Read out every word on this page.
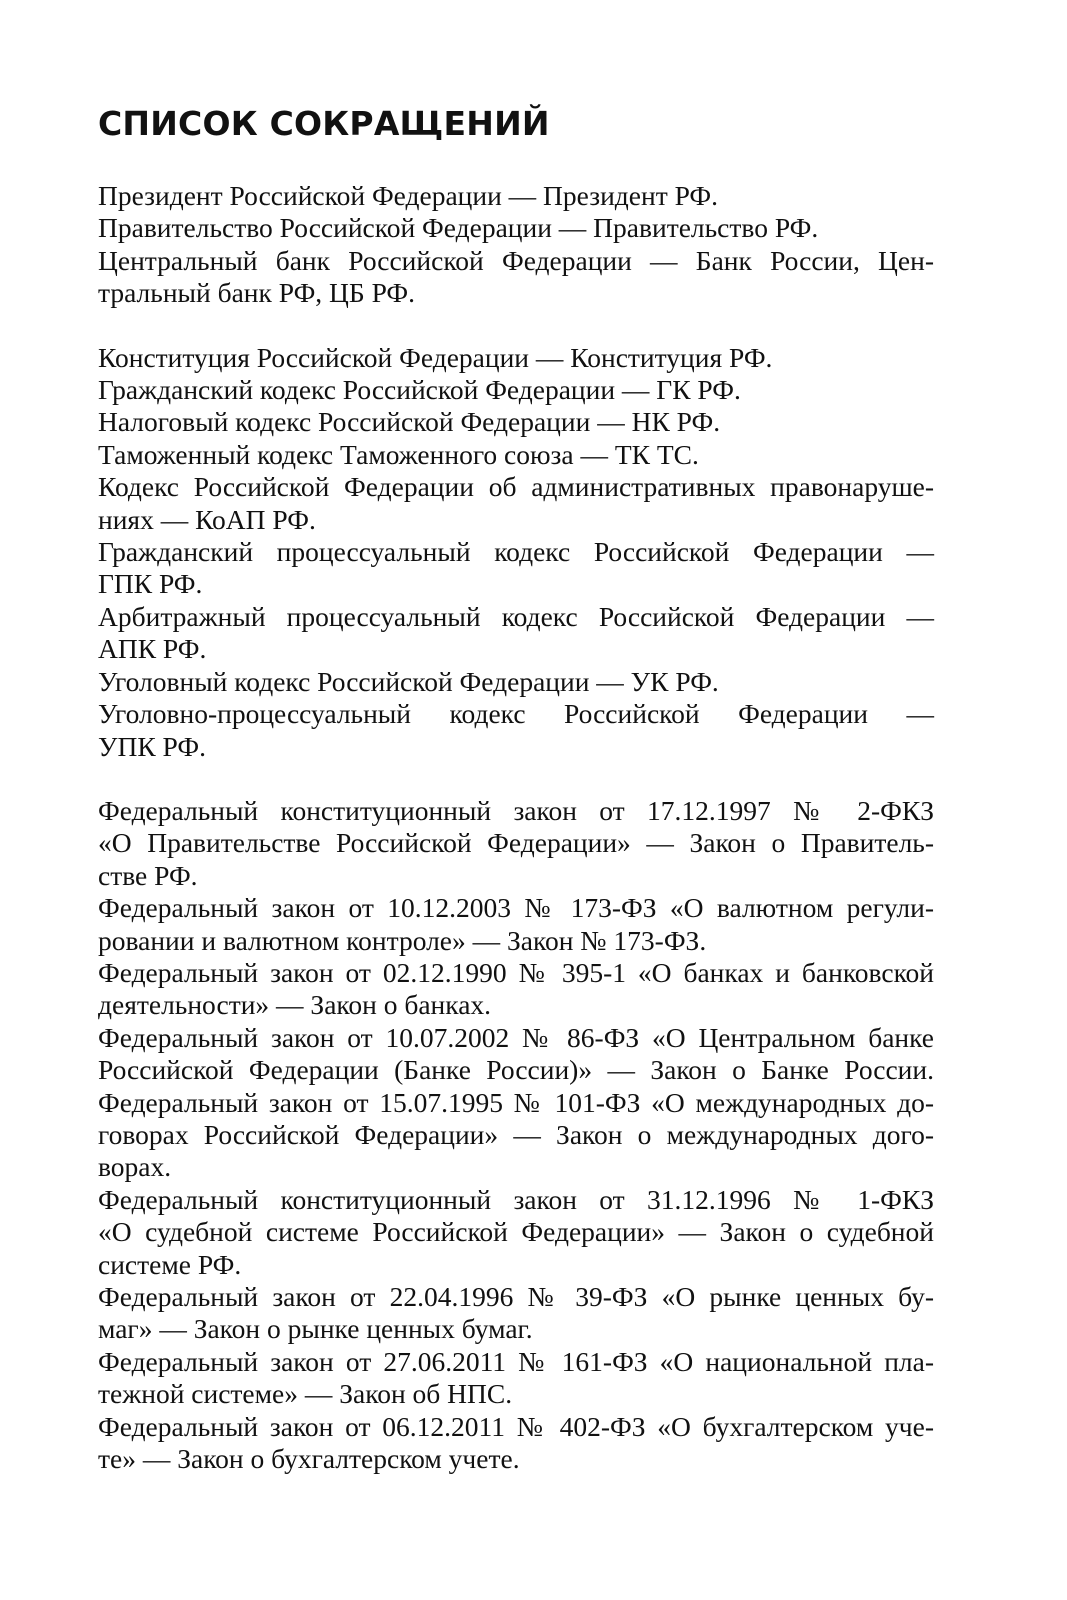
СПИСОК СОКРАЩЕНИЙ
Президент Российской Федерации — Президент РФ.
Правительство Российской Федерации — Правительство РФ.
Центральный банк Российской Федерации — Банк России, Цен-
тральный банк РФ, ЦБ РФ.
Конституция Российской Федерации — Конституция РФ.
Гражданский кодекс Российской Федерации — ГК РФ.
Налоговый кодекс Российской Федерации — НК РФ.
Таможенный кодекс Таможенного союза — ТК ТС.
Кодекс Российской Федерации об административных правонаруше-
ниях — КоАП РФ.
Гражданский процессуальный кодекс Российской Федерации —
ГПК РФ.
Арбитражный процессуальный кодекс Российской Федерации —
АПК РФ.
Уголовный кодекс Российской Федерации — УК РФ.
Уголовно-процессуальный кодекс Российской Федерации —
УПК РФ.
Федеральный конституционный закон от 17.12.1997 № 2-ФКЗ
«О Правительстве Российской Федерации» — Закон о Правитель-
стве РФ.
Федеральный закон от 10.12.2003 № 173-ФЗ «О валютном регули-
ровании и валютном контроле» — Закон № 173-ФЗ.
Федеральный закон от 02.12.1990 № 395-1 «О банках и банковской
деятельности» — Закон о банках.
Федеральный закон от 10.07.2002 № 86-ФЗ «О Центральном банке
Российской Федерации (Банке России)» — Закон о Банке России.
Федеральный закон от 15.07.1995 № 101-ФЗ «О международных до-
говорах Российской Федерации» — Закон о международных дого-
ворах.
Федеральный конституционный закон от 31.12.1996 № 1-ФКЗ
«О судебной системе Российской Федерации» — Закон о судебной
системе РФ.
Федеральный закон от 22.04.1996 № 39-ФЗ «О рынке ценных бу-
маг» — Закон о рынке ценных бумаг.
Федеральный закон от 27.06.2011 № 161-ФЗ «О национальной пла-
тежной системе» — Закон об НПС.
Федеральный закон от 06.12.2011 № 402-ФЗ «О бухгалтерском уче-
те» — Закон о бухгалтерском учете.
